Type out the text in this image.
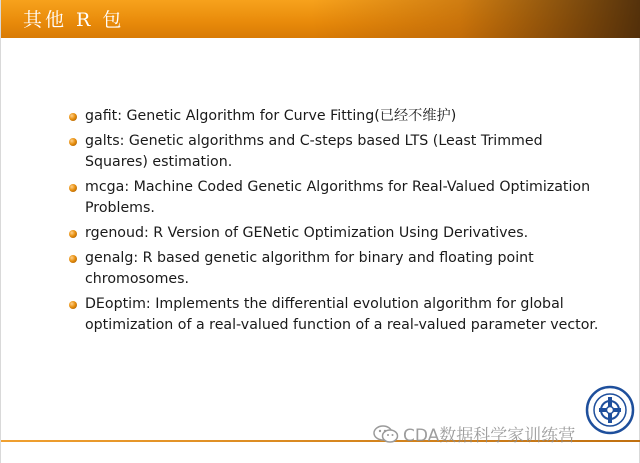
其他 R 包
gafit: Genetic Algorithm for Curve Fitting(已经不维护)
galts: Genetic algorithms and C-steps based LTS (Least Trimmed Squares) estimation.
mcga: Machine Coded Genetic Algorithms for Real-Valued Optimization Problems.
rgenoud: R Version of GENetic Optimization Using Derivatives.
genalg: R based genetic algorithm for binary and floating point chromosomes.
DEoptim: Implements the differential evolution algorithm for global optimization of a real-valued function of a real-valued parameter vector.
CDA数据科学家训练营
